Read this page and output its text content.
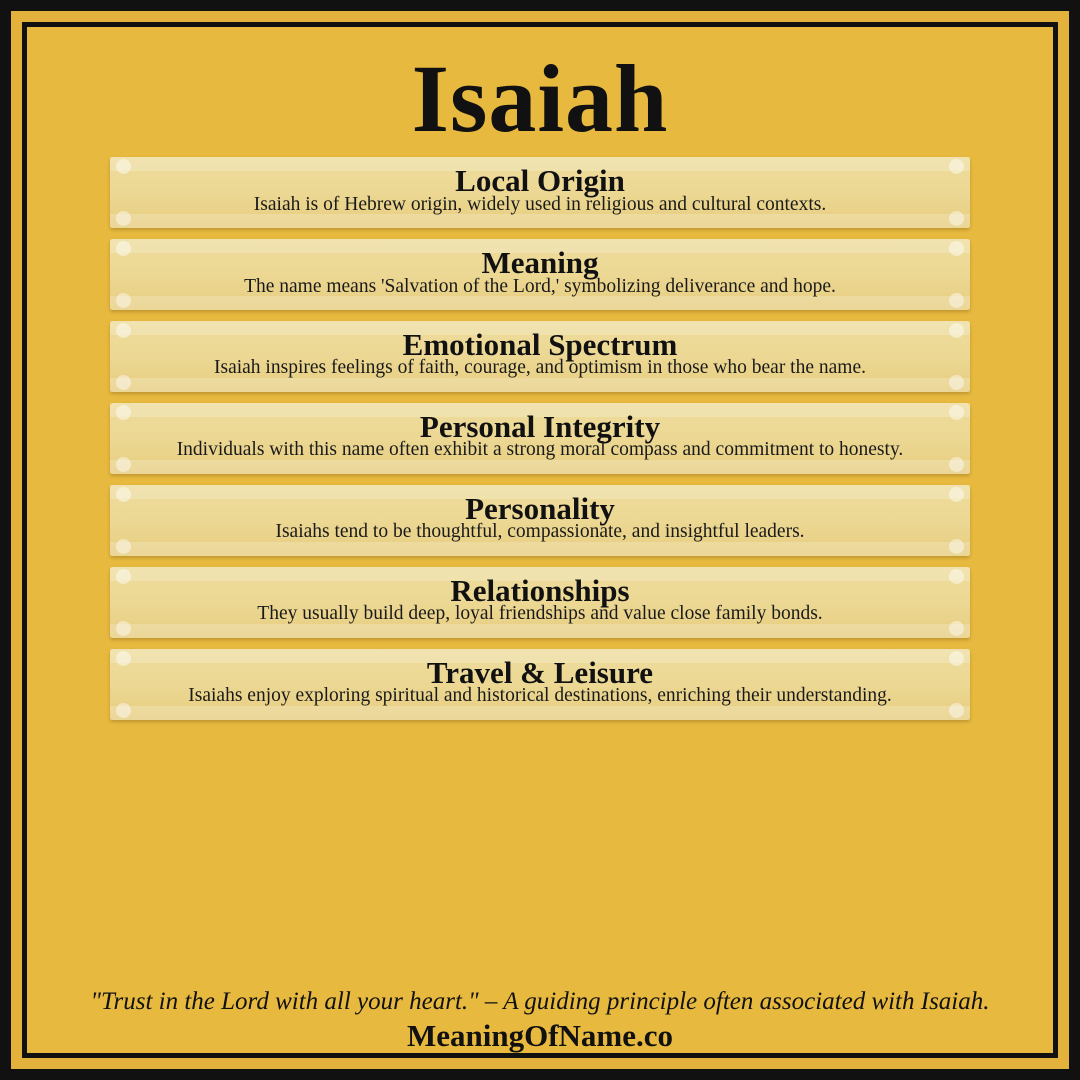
Isaiah
Local Origin
Isaiah is of Hebrew origin, widely used in religious and cultural contexts.
Meaning
The name means 'Salvation of the Lord,' symbolizing deliverance and hope.
Emotional Spectrum
Isaiah inspires feelings of faith, courage, and optimism in those who bear the name.
Personal Integrity
Individuals with this name often exhibit a strong moral compass and commitment to honesty.
Personality
Isaiahs tend to be thoughtful, compassionate, and insightful leaders.
Relationships
They usually build deep, loyal friendships and value close family bonds.
Travel & Leisure
Isaiahs enjoy exploring spiritual and historical destinations, enriching their understanding.
"Trust in the Lord with all your heart." – A guiding principle often associated with Isaiah.
MeaningOfName.co
